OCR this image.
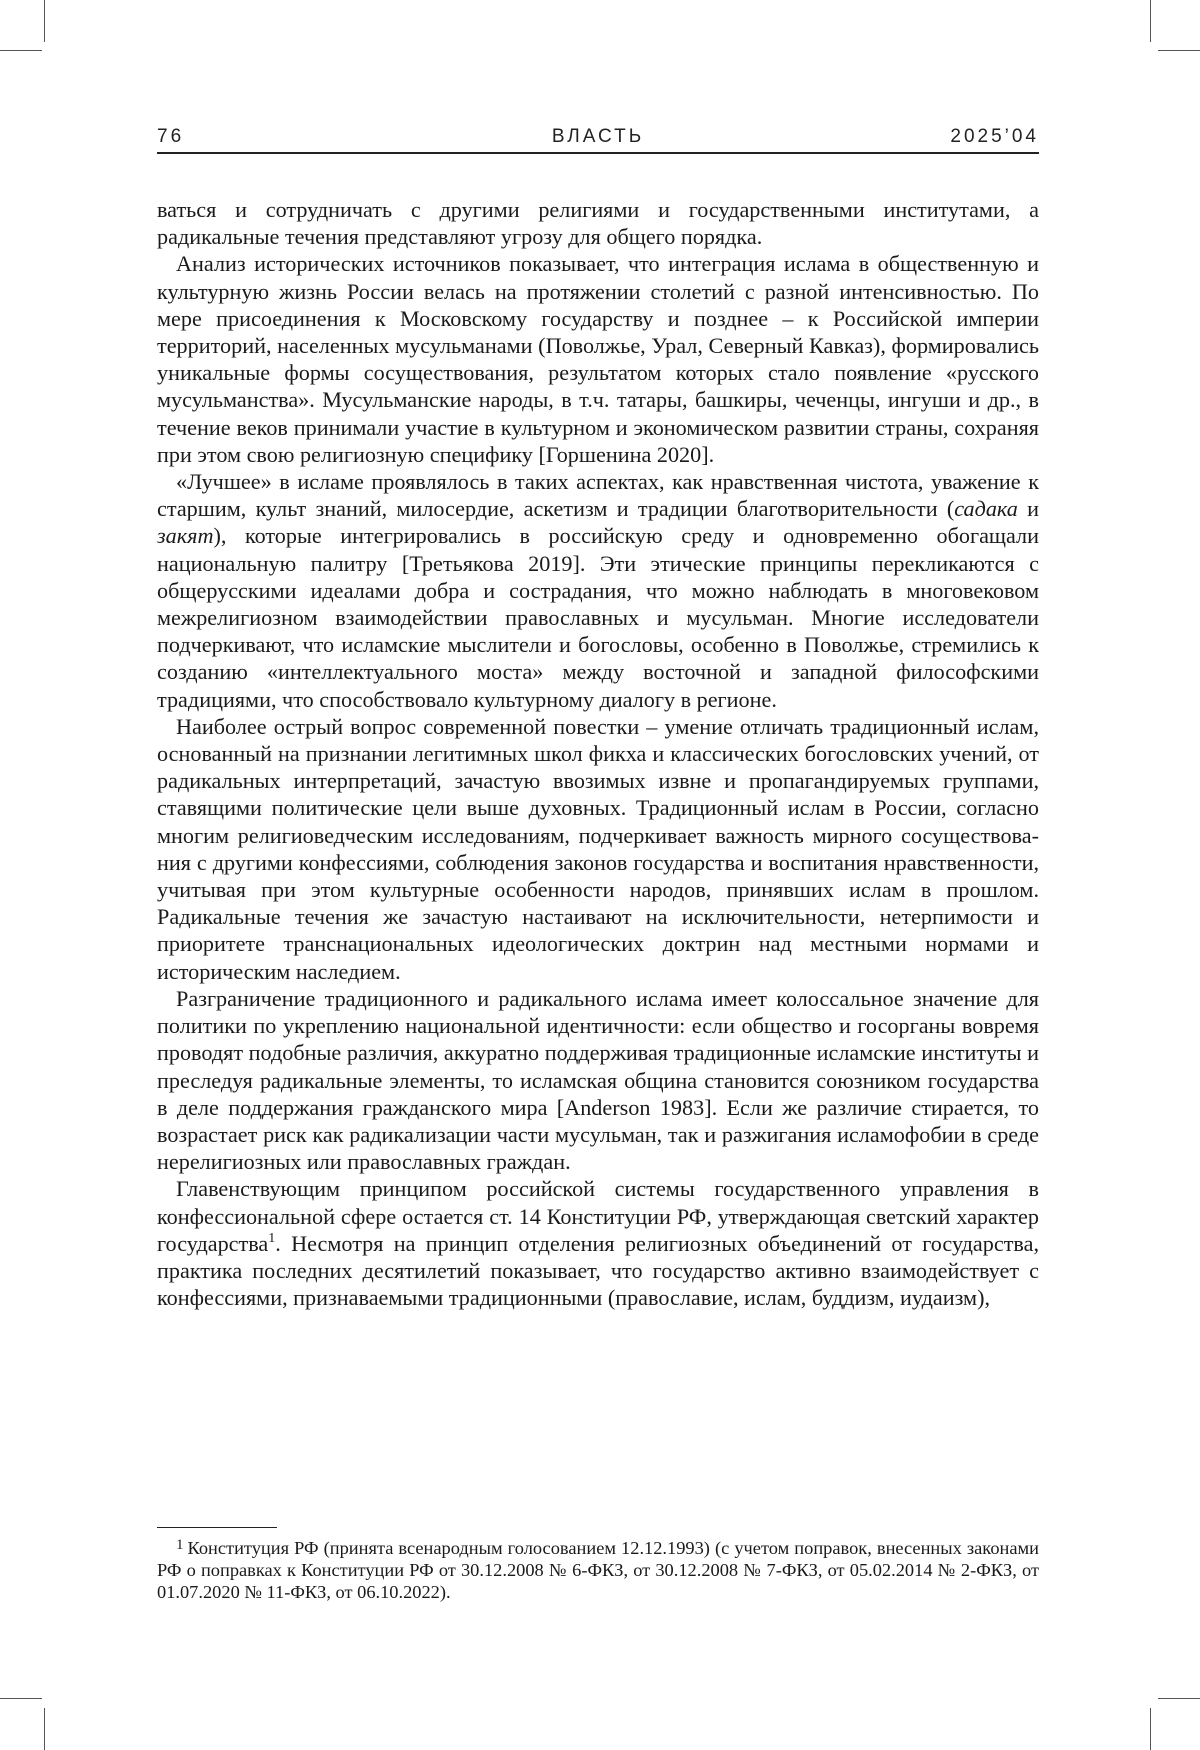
76	ВЛАСТЬ	2025’04

ваться и сотрудничать с другими религиями и государственными институ­тами, а радикальные течения представляют угрозу для общего порядка.

Анализ исторических источников показывает, что интеграция ислама в общественную и культурную жизнь России велась на протяжении столетий с разной интенсивностью. По мере присоединения к Московскому государ­ству и позднее – к Российской империи территорий, населенных мусуль­манами (Поволжье, Урал, Северный Кавказ), формировались уникальные формы сосуществования, результатом которых стало появление «русского мусульманства». Мусульманские народы, в т.ч. татары, башкиры, чеченцы, ингуши и др., в течение веков принимали участие в культурном и экономи­ческом развитии страны, сохраняя при этом свою религиозную специфику [Горшенина 2020].

«Лучшее» в исламе проявлялось в таких аспектах, как нравственная чистота, уважение к старшим, культ знаний, милосердие, аскетизм и тра­диции благотворительности (садака и закят), которые интегрировались в российскую среду и одновременно обогащали национальную палитру [Третьякова 2019]. Эти этические принципы перекликаются с общерус­скими идеалами добра и сострадания, что можно наблюдать в многовеко­вом межрелигиозном взаимодействии православных и мусульман. Многие исследователи подчеркивают, что исламские мыслители и богословы, осо­бенно в Поволжье, стремились к созданию «интеллектуального моста» между восточной и западной философскими традициями, что способство­вало культурному диалогу в регионе.

Наиболее острый вопрос современной повестки – умение отличать тради­ционный ислам, основанный на признании легитимных школ фикха и клас­сических богословских учений, от радикальных интерпретаций, зачастую ввозимых извне и пропагандируемых группами, ставящими политические цели выше духовных. Традиционный ислам в России, согласно многим рели­гиоведческим исследованиям, подчеркивает важность мирного сосуществова­ния с другими конфессиями, соблюдения законов государства и воспита­ния нравственности, учитывая при этом культурные особенности народов, принявших ислам в прошлом. Радикальные течения же зачастую настаивают на исключительности, нетерпимости и приоритете транснациональных идео­логических доктрин над местными нормами и историческим наследием.

Разграничение традиционного и радикального ислама имеет колоссальное значение для политики по укреплению национальной идентичности: если общество и госорганы вовремя проводят подобные различия, аккуратно под­держивая традиционные исламские институты и преследуя радикальные эле­менты, то исламская община становится союзником государства в деле под­держания гражданского мира [Anderson 1983]. Если же различие стирается, то возрастает риск как радикализации части мусульман, так и разжигания исламофобии в среде нерелигиозных или православных граждан.

Главенствующим принципом российской системы государственного управ­ления в конфессиональной сфере остается ст. 14 Конституции РФ, утверж­дающая светский характер государства1. Несмотря на принцип отделения религиозных объединений от государства, практика последних десятиле­тий показывает, что государство активно взаимодействует с конфессиями, признаваемыми традиционными (православие, ислам, буддизм, иудаизм),

1 Конституция РФ (принята всенародным голосованием 12.12.1993) (с учетом поправок, внесенных законами РФ о поправках к Конституции РФ от 30.12.2008 № 6-ФКЗ, от 30.12.2008 № 7-ФКЗ, от 05.02.2014 № 2-ФКЗ, от 01.07.2020 № 11-ФКЗ, от 06.10.2022).
